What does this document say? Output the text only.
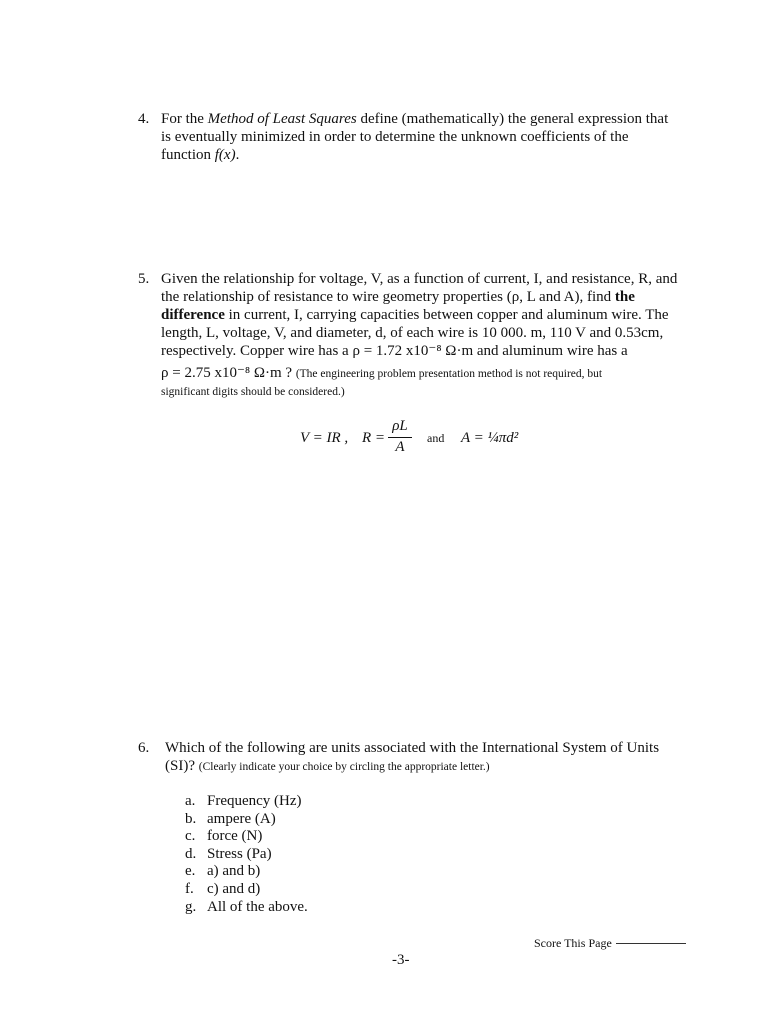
4. For the Method of Least Squares define (mathematically) the general expression that
is eventually minimized in order to determine the unknown coefficients of the
function f(x).
5. Given the relationship for voltage, V, as a function of current, I, and resistance, R, and
the relationship of resistance to wire geometry properties (ρ, L and A), find the
difference in current, I, carrying capacities between copper and aluminum wire. The
length, L, voltage, V, and diameter, d, of each wire is 10 000. m, 110 V and 0.53cm,
respectively. Copper wire has a ρ = 1.72 x10⁻⁸ Ω·m and aluminum wire has a
ρ = 2.75 x10⁻⁸ Ω·m ? (The engineering problem presentation method is not required, but
significant digits should be considered.)
V = IR , R =
ρL
A
and A = ¼πd²
6. Which of the following are units associated with the International System of Units
(SI)? (Clearly indicate your choice by circling the appropriate letter.)
a. Frequency (Hz)
b. ampere (A)
c. force (N)
d. Stress (Pa)
e. a) and b)
f. c) and d)
g. All of the above.
Score This Page
-3-
